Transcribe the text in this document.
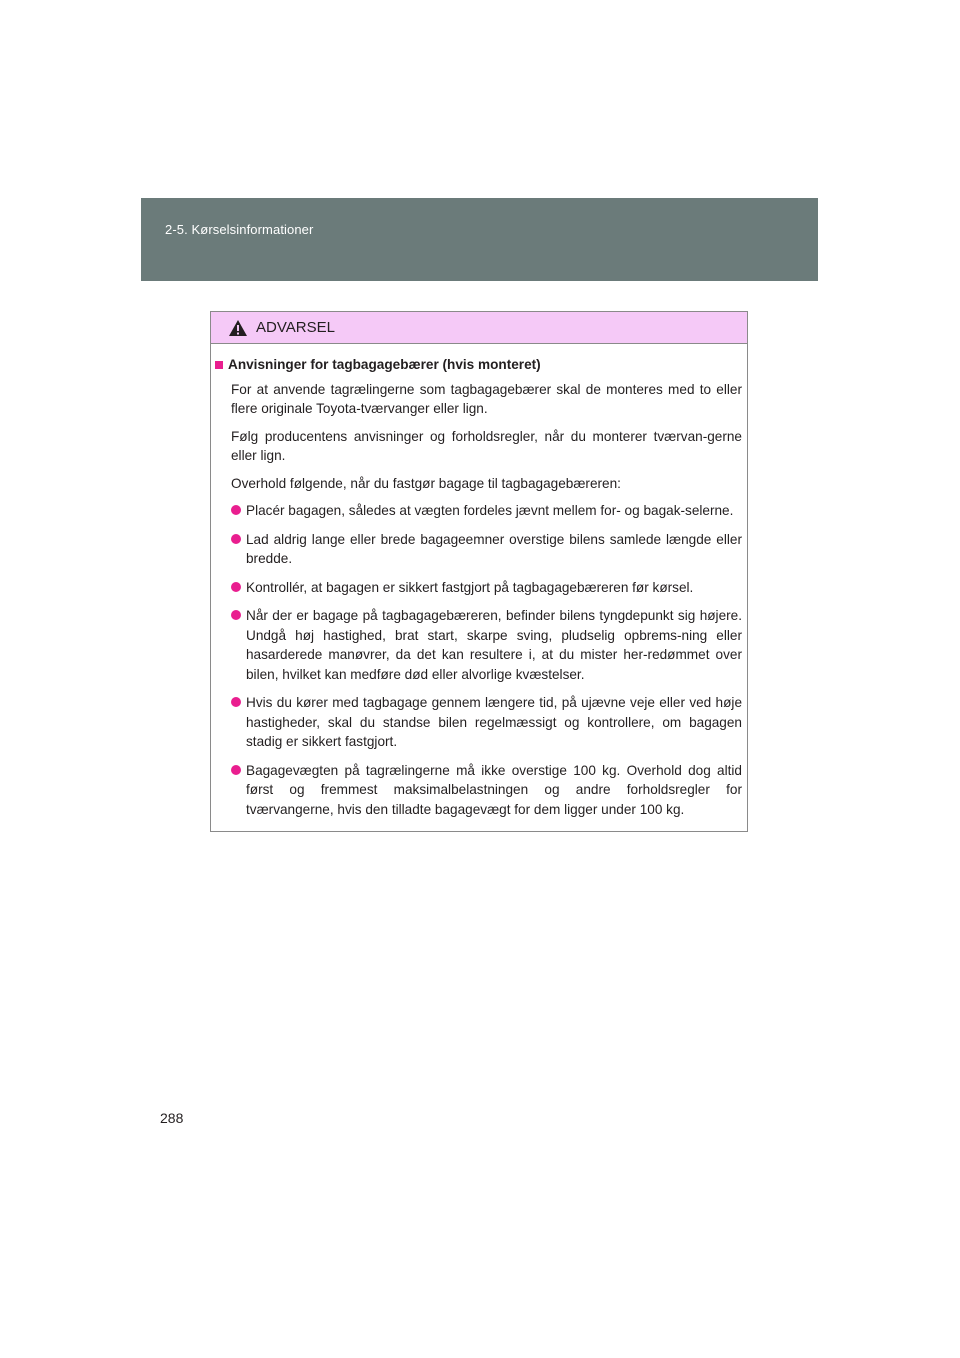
2-5. Kørselsinformationer
ADVARSEL
Anvisninger for tagbagagebærer (hvis monteret)

For at anvende tagrælingerne som tagbagagebærer skal de monteres med to eller flere originale Toyota-tværvanger eller lign.

Følg producentens anvisninger og forholdsregler, når du monterer tværvan-gerne eller lign.

Overhold følgende, når du fastgør bagage til tagbagagebæreren:

Placér bagagen, således at vægten fordeles jævnt mellem for- og bagak-selerne.
Lad aldrig lange eller brede bagageemner overstige bilens samlede længde eller bredde.
Kontrollér, at bagagen er sikkert fastgjort på tagbagagebæreren før kørsel.
Når der er bagage på tagbagagebæreren, befinder bilens tyngdepunkt sig højere. Undgå høj hastighed, brat start, skarpe sving, pludselig opbrems-ning eller hasarderede manøvrer, da det kan resultere i, at du mister her-redømmet over bilen, hvilket kan medføre død eller alvorlige kvæstelser.
Hvis du kører med tagbagage gennem længere tid, på ujævne veje eller ved høje hastigheder, skal du standse bilen regelmæssigt og kontrollere, om bagagen stadig er sikkert fastgjort.
Bagagevægten på tagrælingerne må ikke overstige 100 kg. Overhold dog altid først og fremmest maksimalbelastningen og andre forholdsregler for tværvangerne, hvis den tilladte bagagevægt for dem ligger under 100 kg.
288
